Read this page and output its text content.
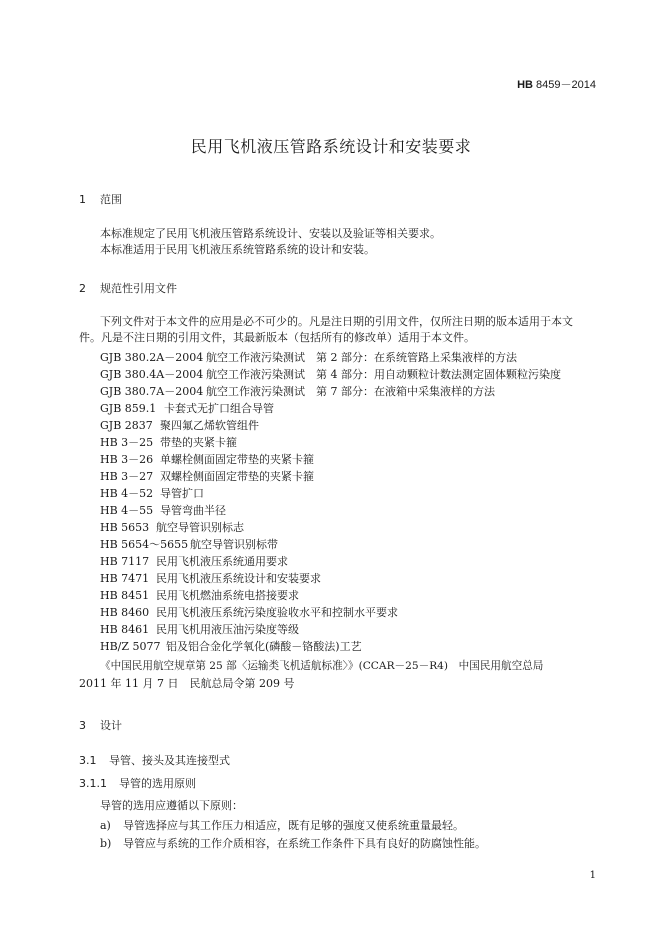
HB 8459－2014
民用飞机液压管路系统设计和安装要求
1 范围
本标准规定了民用飞机液压管路系统设计、安装以及验证等相关要求。
本标准适用于民用飞机液压系统管路系统的设计和安装。
2 规范性引用文件
下列文件对于本文件的应用是必不可少的。凡是注日期的引用文件，仅所注日期的版本适用于本文
件。凡是不注日期的引用文件，其最新版本（包括所有的修改单）适用于本文件。
GJB 380.2A－2004 航空工作液污染测试　第 2 部分：在系统管路上采集液样的方法
GJB 380.4A－2004 航空工作液污染测试　第 4 部分：用自动颗粒计数法测定固体颗粒污染度
GJB 380.7A－2004 航空工作液污染测试　第 7 部分：在液箱中采集液样的方法
GJB 859.1 卡套式无扩口组合导管
GJB 2837 聚四氟乙烯软管组件
HB 3－25 带垫的夹紧卡箍
HB 3－26 单螺栓侧面固定带垫的夹紧卡箍
HB 3－27 双螺栓侧面固定带垫的夹紧卡箍
HB 4－52 导管扩口
HB 4－55 导管弯曲半径
HB 5653 航空导管识别标志
HB 5654～5655 航空导管识别标带
HB 7117 民用飞机液压系统通用要求
HB 7471 民用飞机液压系统设计和安装要求
HB 8451 民用飞机燃油系统电搭接要求
HB 8460 民用飞机液压系统污染度验收水平和控制水平要求
HB 8461 民用飞机用液压油污染度等级
HB/Z 5077 铝及铝合金化学氧化(磷酸－铬酸法)工艺
《中国民用航空规章第 25 部〈运输类飞机适航标准〉》(CCAR－25－R4)　中国民用航空总局
2011 年 11 月 7 日　民航总局令第 209 号
3 设计
3.1 导管、接头及其连接型式
3.1.1 导管的选用原则
导管的选用应遵循以下原则：
a) 导管选择应与其工作压力相适应，既有足够的强度又使系统重量最轻。
b) 导管应与系统的工作介质相容，在系统工作条件下具有良好的防腐蚀性能。
1
